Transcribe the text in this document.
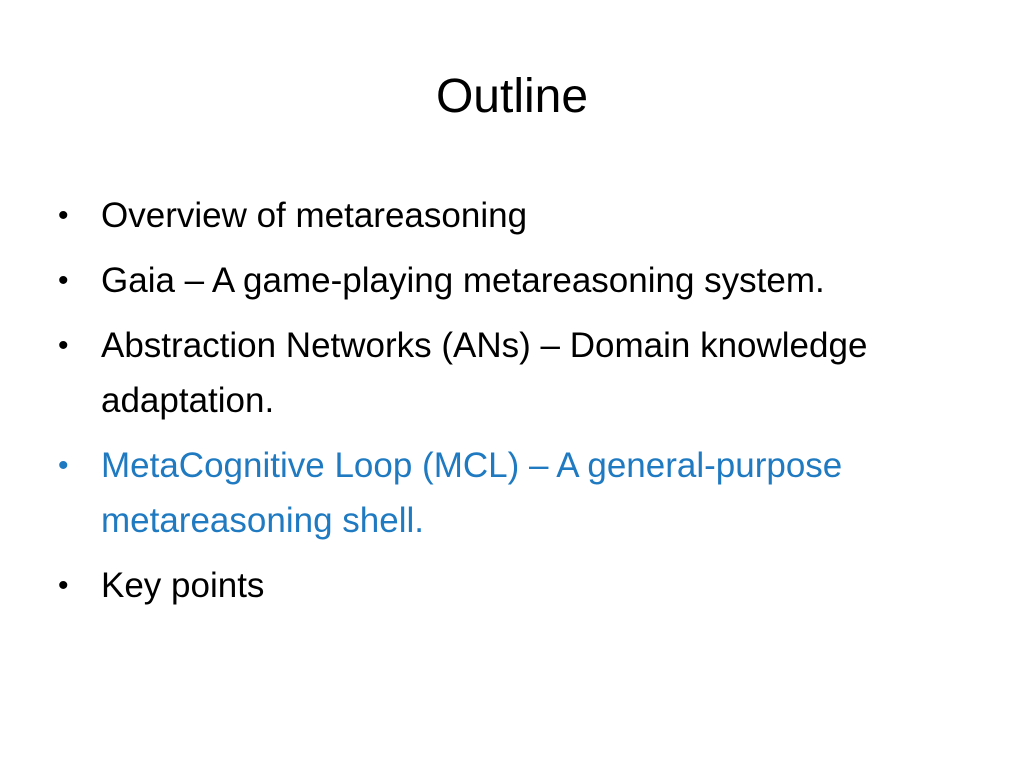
Outline
• Overview of metareasoning
• Gaia – A game-playing metareasoning system.
• Abstraction Networks (ANs) – Domain knowledge adaptation.
• MetaCognitive Loop (MCL) – A general-purpose metareasoning shell.
• Key points
